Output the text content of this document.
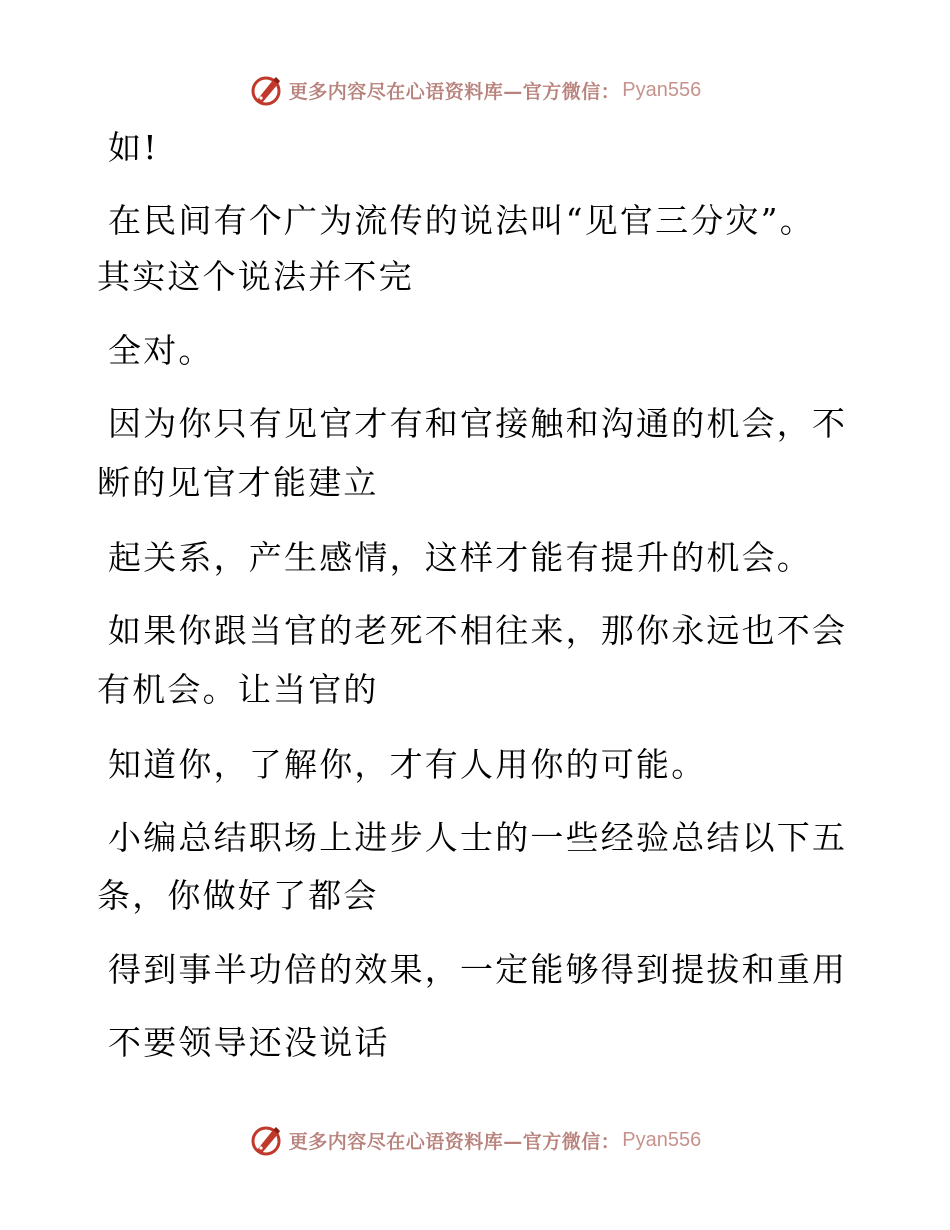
更多内容尽在心语资料库—官方微信： Pyan556
如!
在民间有个广为流传的说法叫“见官三分灾”。
其实这个说法并不完
全对。
因为你只有见官才有和官接触和沟通的机会，不
断的见官才能建立
起关系，产生感情，这样才能有提升的机会。
如果你跟当官的老死不相往来，那你永远也不会
有机会。让当官的
知道你，了解你，才有人用你的可能。
小编总结职场上进步人士的一些经验总结以下五
条，你做好了都会
得到事半功倍的效果，一定能够得到提拔和重用
不要领导还没说话
更多内容尽在心语资料库—官方微信： Pyan556
